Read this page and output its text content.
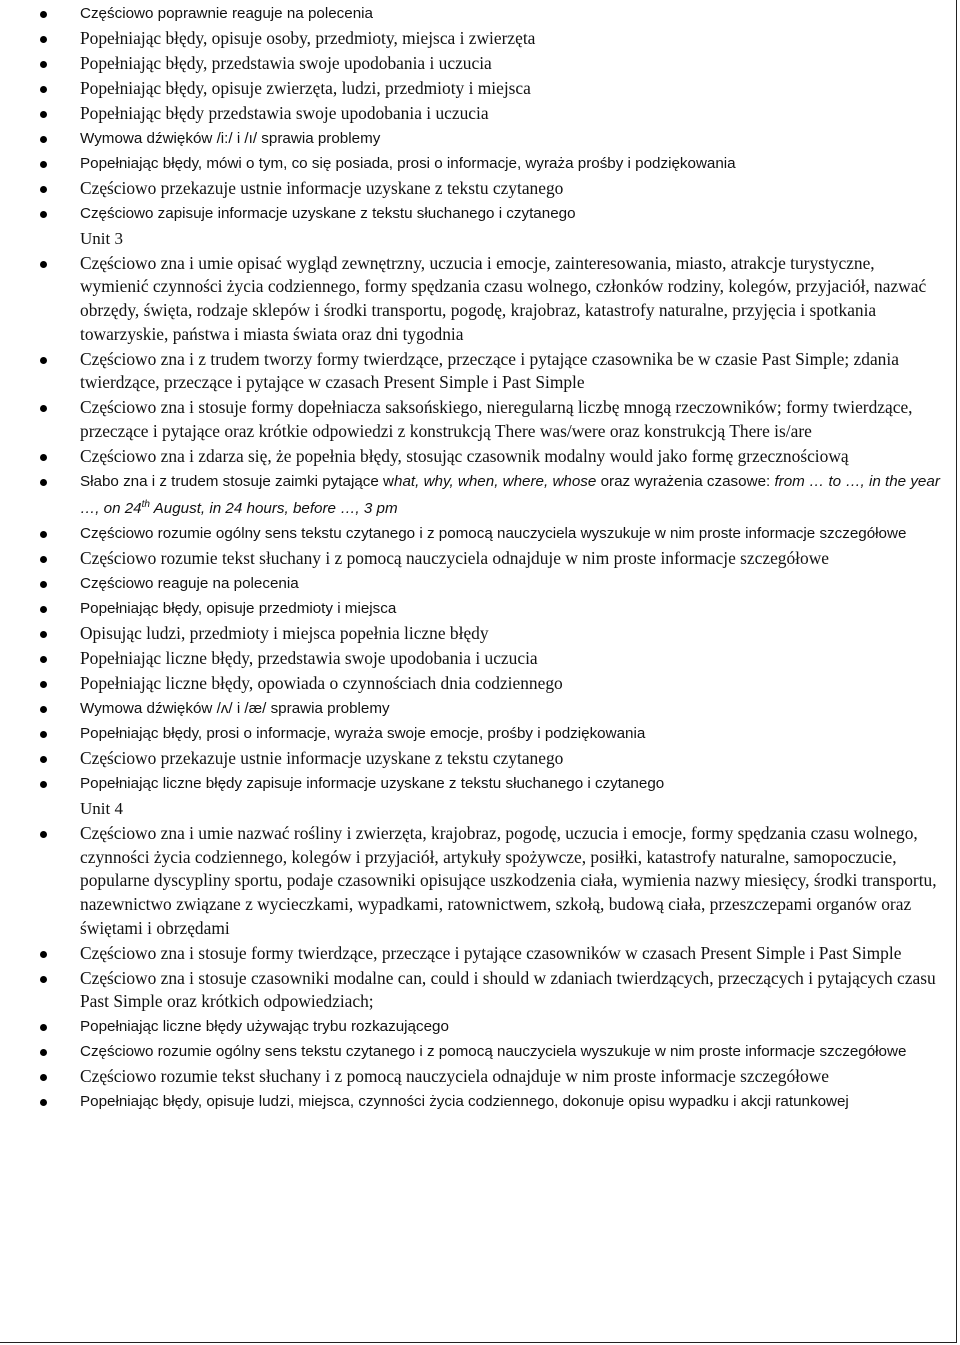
Częściowo poprawnie reaguje na polecenia
Popełniając błędy, opisuje osoby, przedmioty, miejsca i zwierzęta
Popełniając błędy, przedstawia swoje upodobania i uczucia
Popełniając błędy, opisuje zwierzęta, ludzi, przedmioty i miejsca
Popełniając błędy przedstawia swoje upodobania i uczucia
Wymowa dźwięków /i:/ i /ı/ sprawia problemy
Popełniając błędy, mówi o tym, co się posiada, prosi o informacje, wyraża prośby i podziękowania
Częściowo przekazuje ustnie informacje uzyskane z tekstu czytanego
Częściowo zapisuje informacje uzyskane z tekstu słuchanego i czytanego
Unit 3
Częściowo zna i umie opisać wygląd zewnętrzny, uczucia i emocje, zainteresowania, miasto, atrakcje turystyczne, wymienić czynności życia codziennego, formy spędzania czasu wolnego, członków rodziny, kolegów, przyjaciół, nazwać obrzędy, święta, rodzaje sklepów i środki transportu, pogodę, krajobraz, katastrofy naturalne, przyjęcia i spotkania towarzyskie, państwa i miasta świata oraz dni tygodnia
Częściowo zna i z trudem tworzy formy twierdzące, przeczące i pytające czasownika be w czasie Past Simple; zdania twierdzące, przeczące i pytające w czasach Present Simple i Past Simple
Częściowo zna i stosuje formy dopełniacza saksońskiego, nieregularną liczbę mnogą rzeczowników; formy twierdzące, przeczące i pytające oraz krótkie odpowiedzi z konstrukcją There was/were oraz konstrukcją There is/are
Częściowo zna i zdarza się, że popełnia błędy, stosując czasownik modalny would jako formę grzecznościową
Słabo zna i z trudem stosuje zaimki pytające what, why, when, where, whose oraz wyrażenia czasowe: from … to …, in the year …, on 24th August, in 24 hours, before …, 3 pm
Częściowo rozumie ogólny sens tekstu czytanego i z pomocą nauczyciela wyszukuje w nim proste informacje szczegółowe
Częściowo rozumie tekst słuchany i z pomocą nauczyciela odnajduje w nim proste informacje szczegółowe
Częściowo reaguje na polecenia
Popełniając błędy, opisuje przedmioty i miejsca
Opisując ludzi, przedmioty i miejsca popełnia liczne błędy
Popełniając liczne błędy, przedstawia swoje upodobania i uczucia
Popełniając liczne błędy, opowiada o czynnościach dnia codziennego
Wymowa dźwięków /ʌ/ i /æ/ sprawia problemy
Popełniając błędy, prosi o informacje, wyraża swoje emocje, prośby i podziękowania
Częściowo przekazuje ustnie informacje uzyskane z tekstu czytanego
Popełniając liczne błędy zapisuje informacje uzyskane z tekstu słuchanego i czytanego
Unit 4
Częściowo zna i umie nazwać rośliny i zwierzęta, krajobraz, pogodę, uczucia i emocje, formy spędzania czasu wolnego, czynności życia codziennego, kolegów i przyjaciół, artykuły spożywcze, posiłki, katastrofy naturalne, samopoczucie, popularne dyscypliny sportu, podaje czasowniki opisujące uszkodzenia ciała, wymienia nazwy miesięcy, środki transportu, nazewnictwo związane z wycieczkami, wypadkami, ratownictwem, szkołą, budową ciała, przeszczepami organów oraz świętami i obrzędami
Częściowo zna i stosuje formy twierdzące, przeczące i pytające czasowników w czasach Present Simple i Past Simple
Częściowo zna i stosuje czasowniki modalne can, could i should w zdaniach twierdzących, przeczących i pytających czasu Past Simple oraz krótkich odpowiedziach;
Popełniając liczne błędy używając trybu rozkazującego
Częściowo rozumie ogólny sens tekstu czytanego i z pomocą nauczyciela wyszukuje w nim proste informacje szczegółowe
Częściowo rozumie tekst słuchany i z pomocą nauczyciela odnajduje w nim proste informacje szczegółowe
Popełniając błędy, opisuje ludzi, miejsca, czynności życia codziennego, dokonuje opisu wypadku i akcji ratunkowej
